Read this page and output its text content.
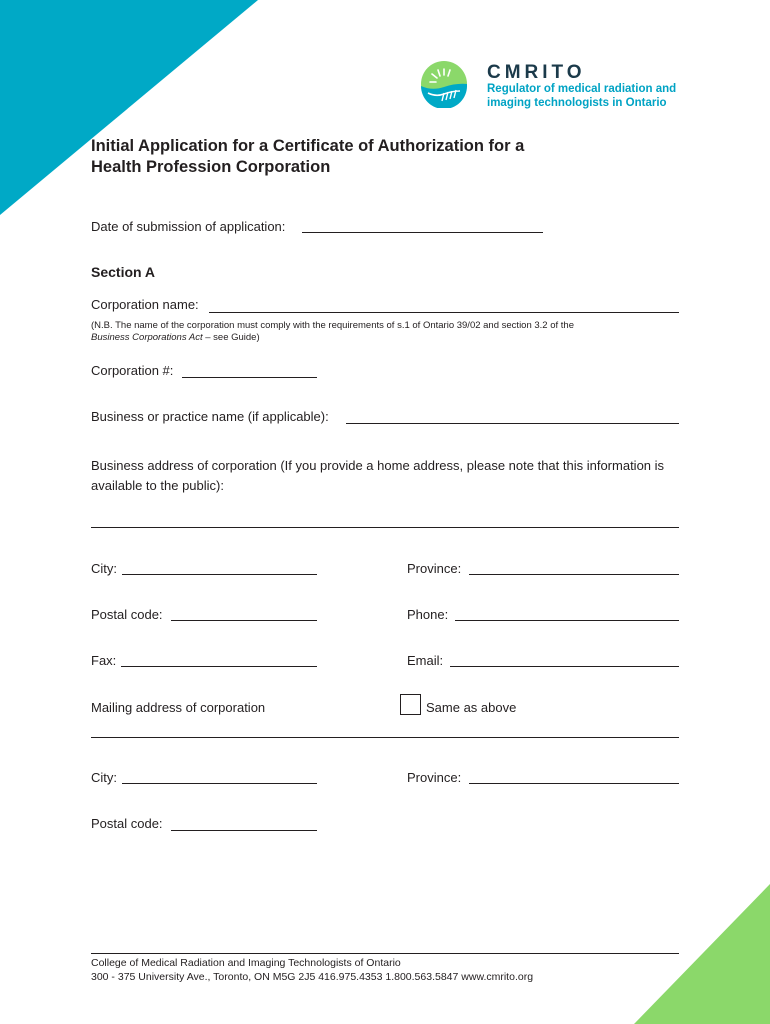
CMRITO
Regulator of medical radiation and
imaging technologists in Ontario
Initial Application for a Certificate of Authorization for a
Health Profession Corporation
Date of submission of application:
Section A
Corporation name:
(N.B. The name of the corporation must comply with the requirements of s.1 of Ontario 39/02 and section 3.2 of the
Business Corporations Act – see Guide)
Corporation #:
Business or practice name (if applicable):
Business address of corporation (If you provide a home address, please note that this information is available to the public):
City:	Province:
Postal code:	Phone:
Fax:	Email:
Mailing address of corporation	Same as above
City:	Province:
Postal code:
College of Medical Radiation and Imaging Technologists of Ontario
300 - 375 University Ave., Toronto, ON M5G 2J5 416.975.4353 1.800.563.5847 www.cmrito.org
